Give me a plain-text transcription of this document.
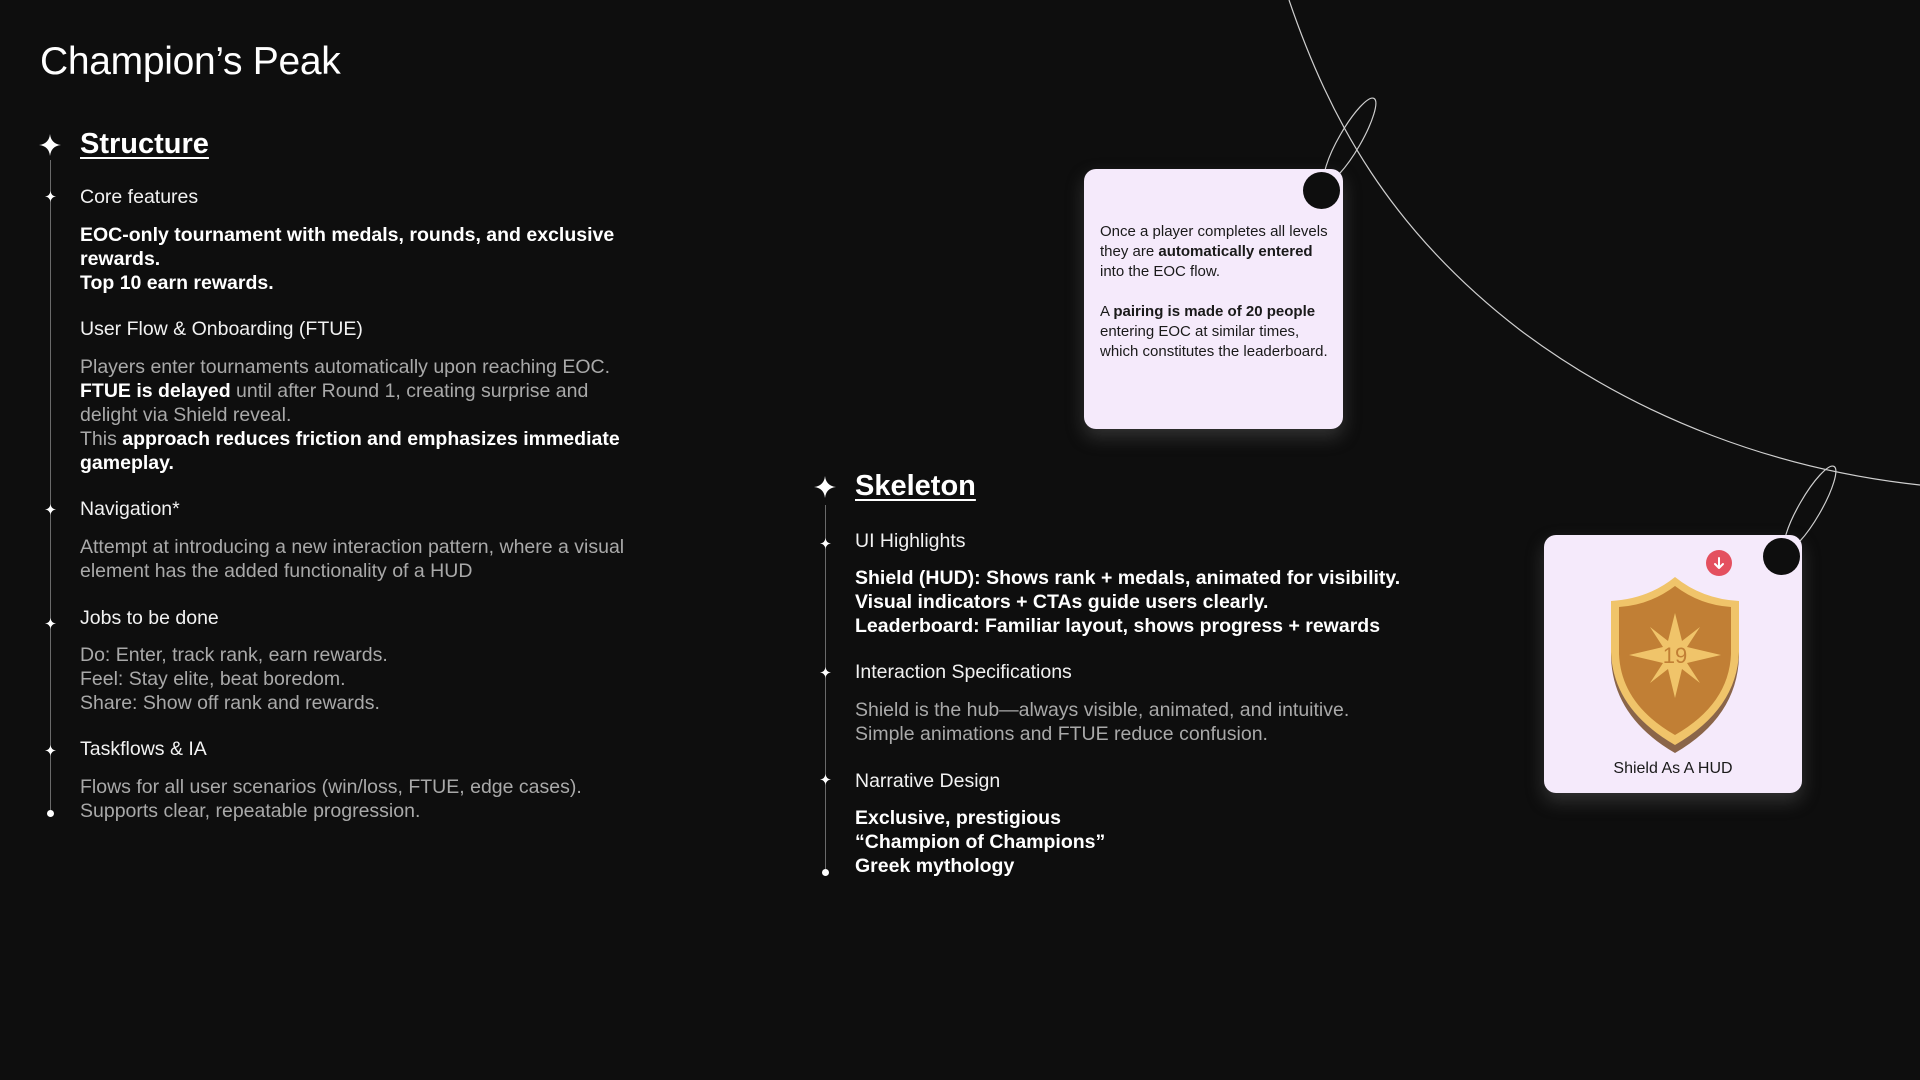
Champion’s Peak
Structure
Core features
EOC-only tournament with medals, rounds, and exclusive
rewards.
Top 10 earn rewards.
User Flow & Onboarding (FTUE)
Players enter tournaments automatically upon reaching EOC.
FTUE is delayed until after Round 1, creating surprise and
delight via Shield reveal.
This approach reduces friction and emphasizes immediate
gameplay.
Navigation*
Attempt at introducing a new interaction pattern, where a visual
element has the added functionality of a HUD
Jobs to be done
Do: Enter, track rank, earn rewards.
Feel: Stay elite, beat boredom.
Share: Show off rank and rewards.
Taskflows & IA
Flows for all user scenarios (win/loss, FTUE, edge cases).
Supports clear, repeatable progression.
Skeleton
UI Highlights
Shield (HUD): Shows rank + medals, animated for visibility.
Visual indicators + CTAs guide users clearly.
Leaderboard: Familiar layout, shows progress + rewards
Interaction Specifications
Shield is the hub—always visible, animated, and intuitive.
Simple animations and FTUE reduce confusion.
Narrative Design
Exclusive, prestigious
“Champion of Champions”
Greek mythology
Once a player completes all levels they are automatically entered into the EOC flow.
A pairing is made of 20 people entering EOC at similar times, which constitutes the leaderboard.
19
Shield As A HUD
